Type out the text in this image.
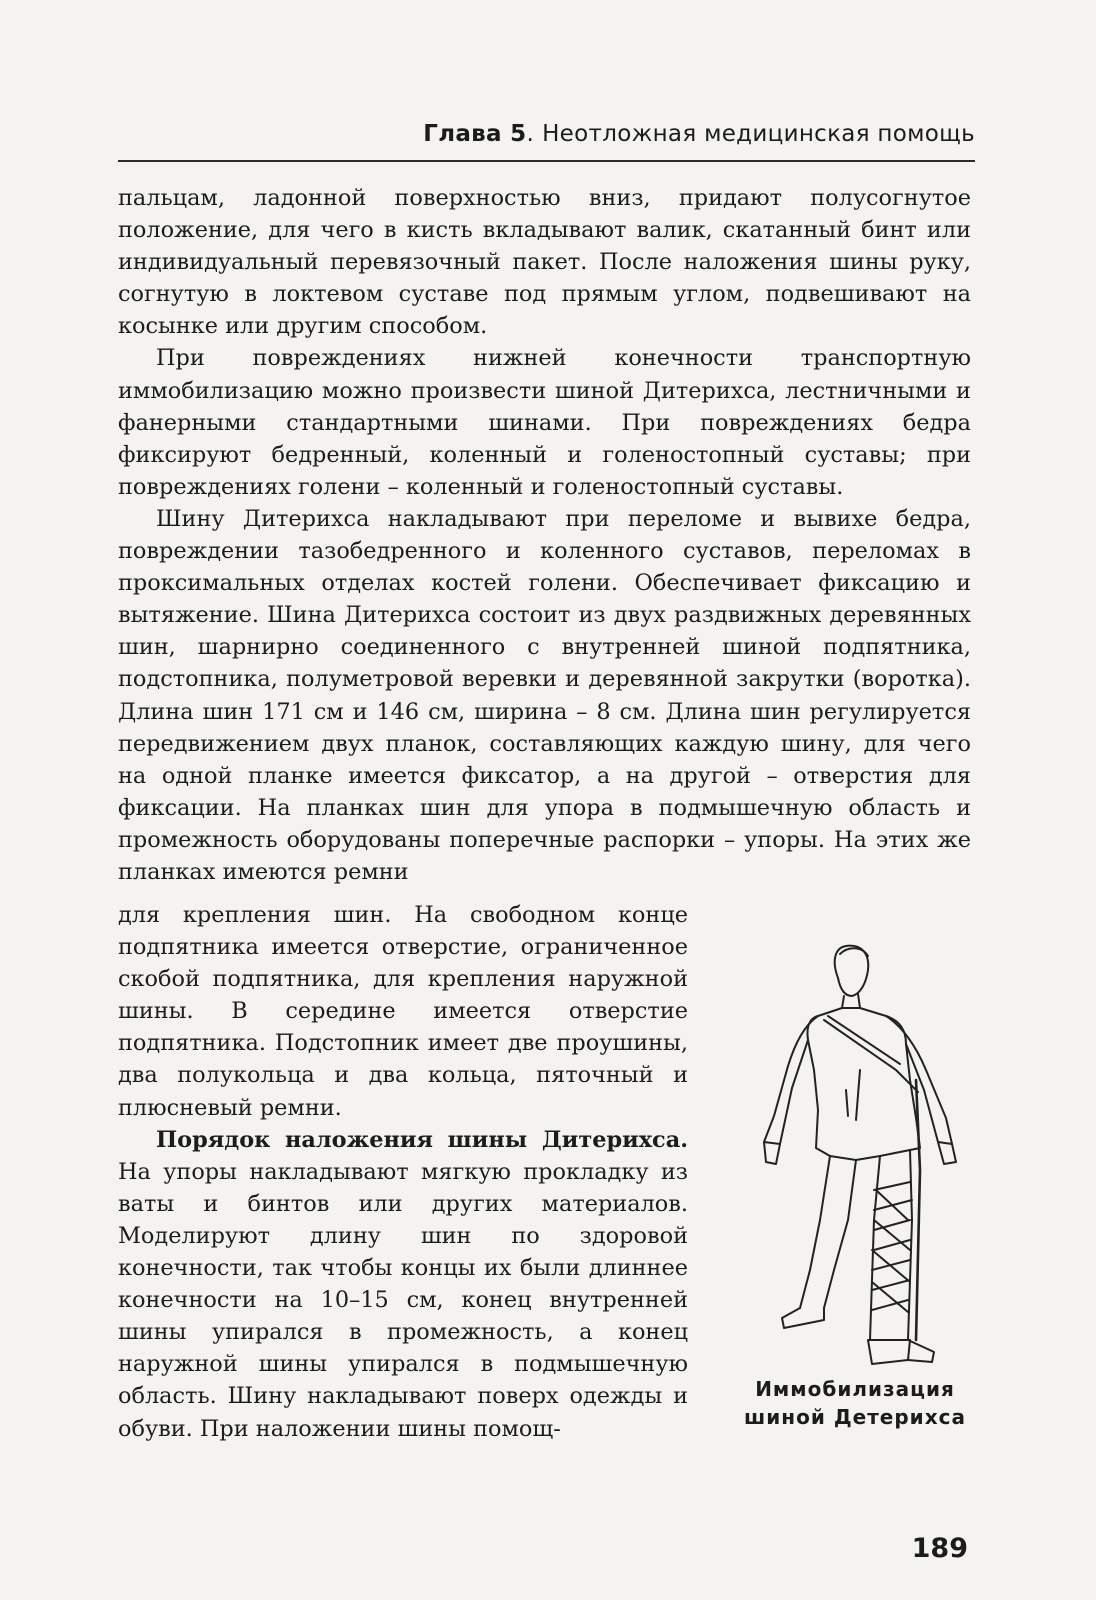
Глава 5. Неотложная медицинская помощь

пальцам, ладонной поверхностью вниз, придают полусогнутое положение, для чего в кисть вкладывают валик, скатанный бинт или индивидуальный перевязочный пакет. После наложения шины руку, согнутую в локтевом суставе под прямым углом, подвешивают на косынке или другим способом.

При повреждениях нижней конечности транспортную иммобилизацию можно произвести шиной Дитерихса, лестничными и фанерными стандартными шинами. При повреждениях бедра фиксируют бедренный, коленный и голеностопный суставы; при повреждениях голени – коленный и голеностопный суставы.

Шину Дитерихса накладывают при переломе и вывихе бедра, повреждении тазобедренного и коленного суставов, переломах в проксимальных отделах костей голени. Обеспечивает фиксацию и вытяжение. Шина Дитерихса состоит из двух раздвижных деревянных шин, шарнирно соединенного с внутренней шиной подпятника, подстопника, полуметровой веревки и деревянной закрутки (воротка). Длина шин 171 см и 146 см, ширина – 8 см. Длина шин регулируется передвижением двух планок, составляющих каждую шину, для чего на одной планке имеется фиксатор, а на другой – отверстия для фиксации. На планках шин для упора в подмышечную область и промежность оборудованы поперечные распорки – упоры. На этих же планках имеются ремни

для крепления шин. На свободном конце подпятника имеется отверстие, ограниченное скобой подпятника, для крепления наружной шины. В середине имеется отверстие подпятника. Подстопник имеет две проушины, два полукольца и два кольца, пяточный и плюсневый ремни.

Порядок наложения шины Дитерихса. На упоры накладывают мягкую прокладку из ваты и бинтов или других материалов. Моделируют длину шин по здоровой конечности, так чтобы концы их были длиннее конечности на 10–15 см, конец внутренней шины упирался в промежность, а конец наружной шины упирался в подмышечную область. Шину накладывают поверх одежды и обуви. При наложении шины помощ-

Иммобилизация
шиной Детерихса
189
